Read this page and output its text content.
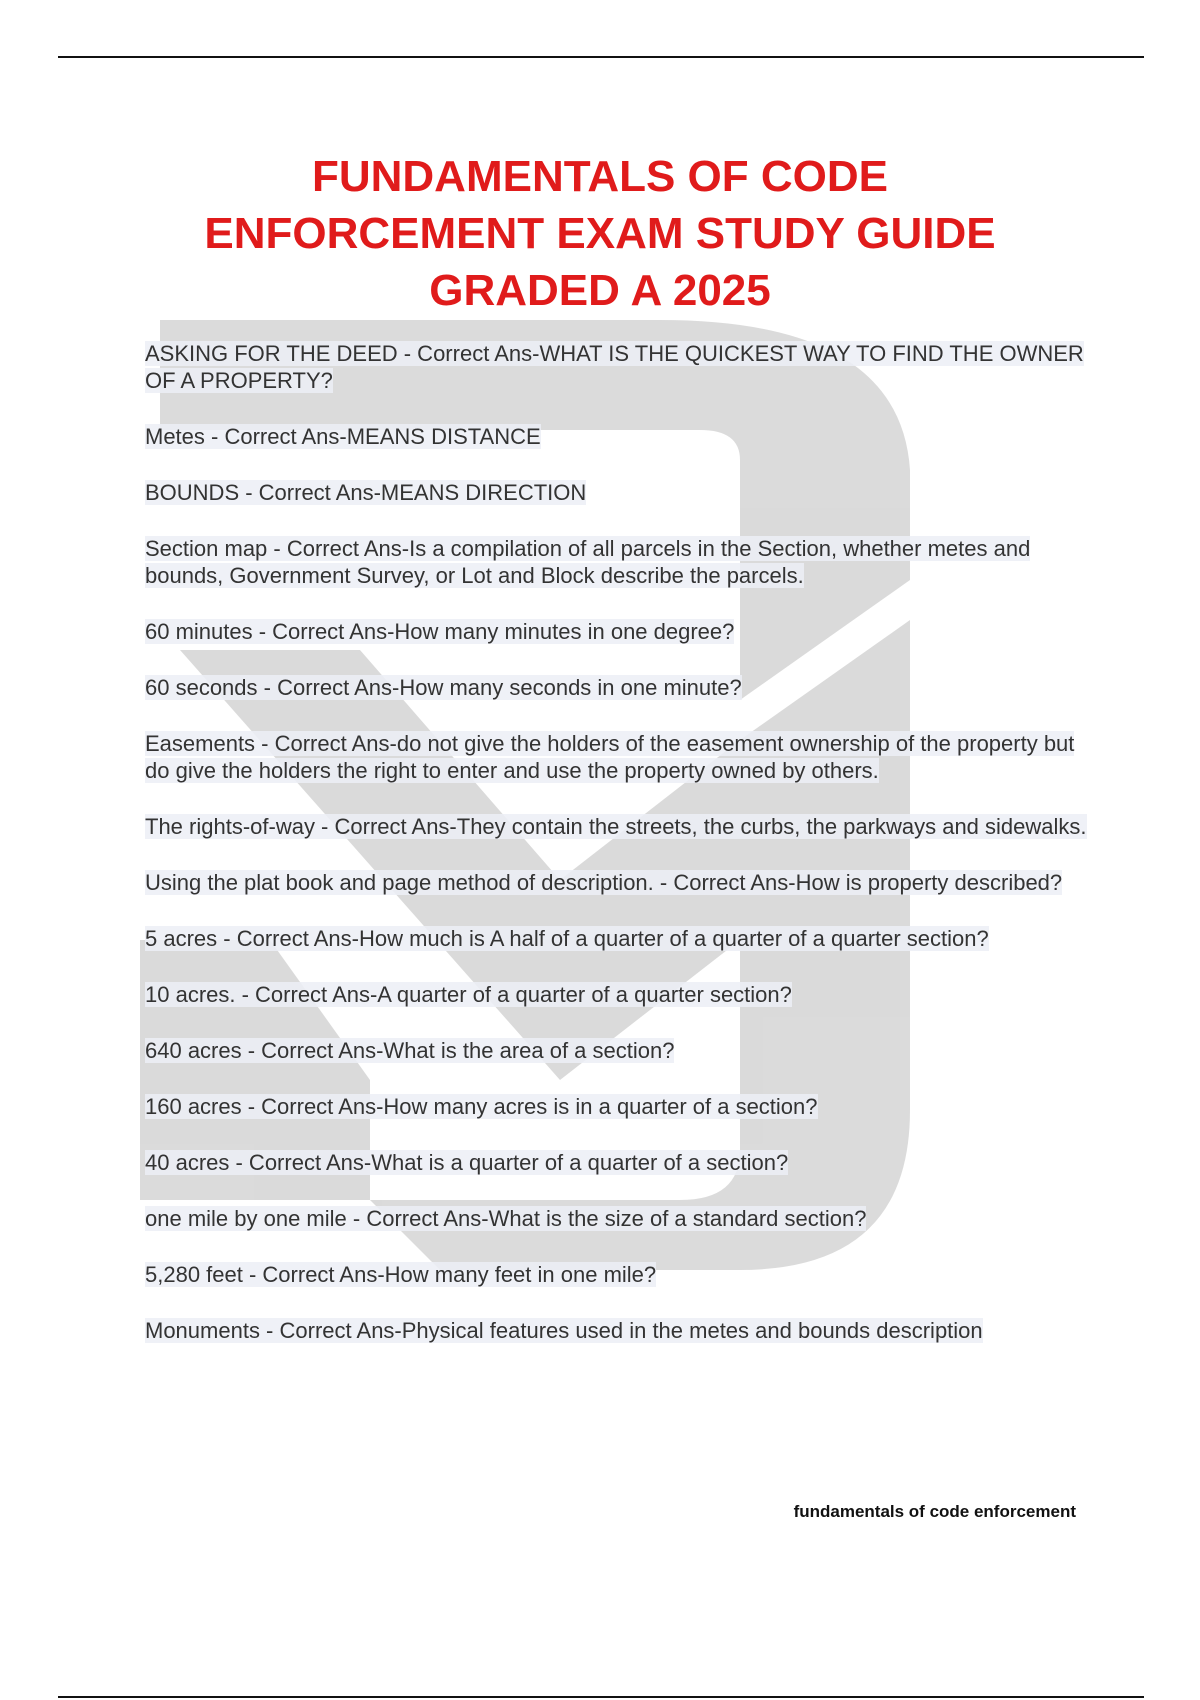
FUNDAMENTALS OF CODE
ENFORCEMENT EXAM STUDY GUIDE
GRADED A 2025
ASKING FOR THE DEED - Correct Ans-WHAT IS THE QUICKEST WAY TO FIND THE OWNER OF A PROPERTY?
Metes - Correct Ans-MEANS DISTANCE
BOUNDS - Correct Ans-MEANS DIRECTION
Section map - Correct Ans-Is a compilation of all parcels in the Section, whether metes and bounds, Government Survey, or Lot and Block describe the parcels.
60 minutes - Correct Ans-How many minutes in one degree?
60 seconds - Correct Ans-How many seconds in one minute?
Easements - Correct Ans-do not give the holders of the easement ownership of the property but do give the holders the right to enter and use the property owned by others.
The rights-of-way - Correct Ans-They contain the streets, the curbs, the parkways and sidewalks.
Using the plat book and page method of description. - Correct Ans-How is property described?
5 acres - Correct Ans-How much is A half of a quarter of a quarter of a quarter section?
10 acres. - Correct Ans-A quarter of a quarter of a quarter section?
640 acres - Correct Ans-What is the area of a section?
160 acres - Correct Ans-How many acres is in a quarter of a section?
40 acres - Correct Ans-What is a quarter of a quarter of a section?
one mile by one mile - Correct Ans-What is the size of a standard section?
5,280 feet - Correct Ans-How many feet in one mile?
Monuments - Correct Ans-Physical features used in the metes and bounds description
fundamentals of code enforcement
